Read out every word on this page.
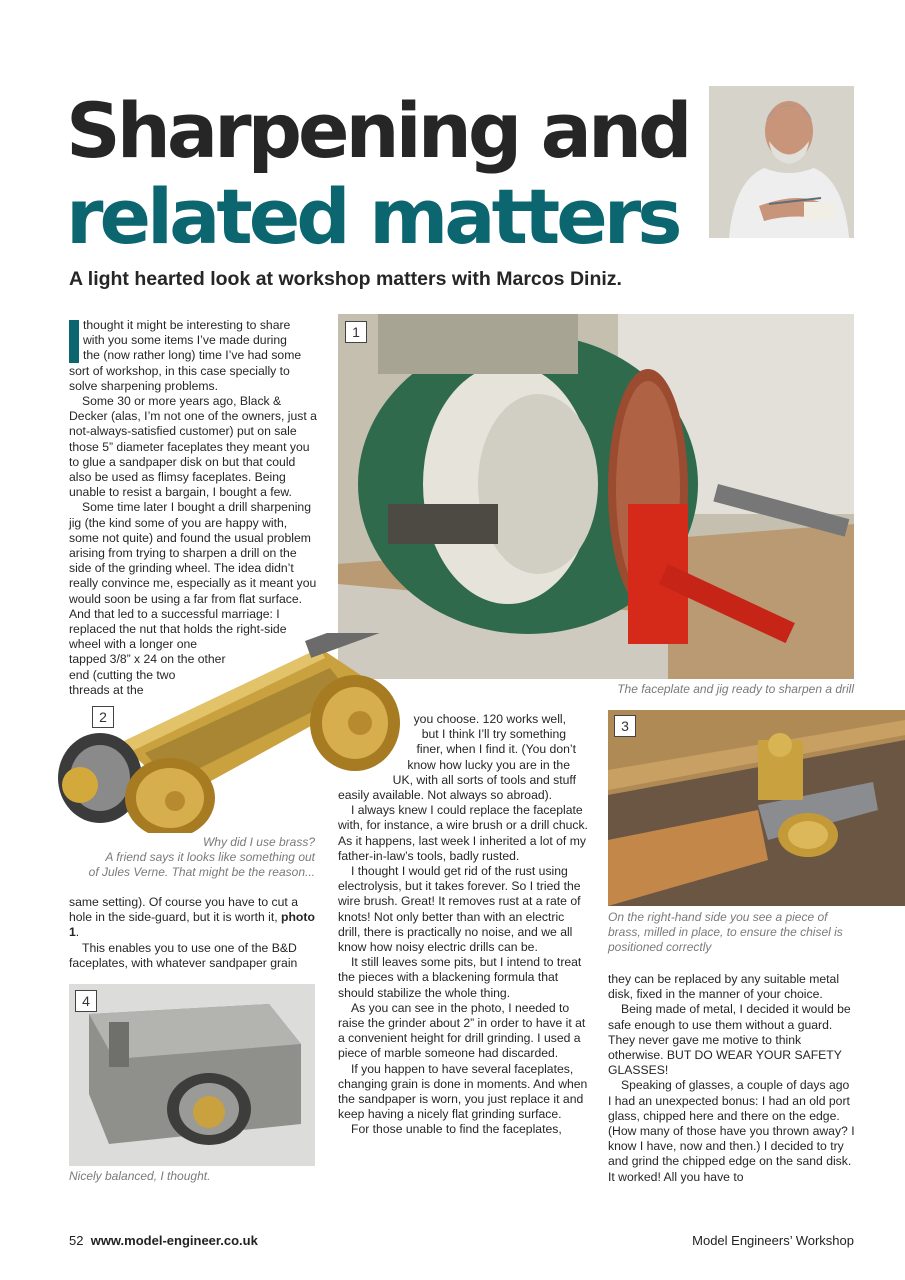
Sharpening and
related matters
A light hearted look at workshop matters with Marcos Diniz.
1
The faceplate and jig ready to sharpen a drill
thought it might be interesting to share
with you some items I’ve made during
the (now rather long) time I’ve had some
sort of workshop, in this case specially to
solve sharpening problems.

Some 30 or more years ago, Black & Decker (alas, I’m not one of the owners, just a not-always-satisfied customer) put on sale those 5” diameter faceplates they meant you to glue a sandpaper disk on but that could also be used as flimsy faceplates. Being unable to resist a bargain, I bought a few.

Some time later I bought a drill sharpening jig (the kind some of you are happy with, some not quite) and found the usual problem arising from trying to sharpen a drill on the side of the grinding wheel. The idea didn’t really convince me, especially as it meant you would soon be using a far from flat surface. And that led to a successful marriage: I replaced the nut that holds the right-side wheel with a longer one

tapped 3/8” x 24 on the other
end (cutting the two
threads at the
2
Why did I use brass?
A friend says it looks like something out
of Jules Verne. That might be the reason...

same setting). Of course you have to cut a hole in the side-guard, but it is worth it, photo 1.

This enables you to use one of the B&D faceplates, with whatever sandpaper grain

4
Nicely balanced, I thought.
you choose. 120 works well,
but I think I’ll try something
finer, when I find it. (You don’t
know how lucky you are in the
UK, with all sorts of tools and stuff

easily available. Not always so abroad).

I always knew I could replace the faceplate with, for instance, a wire brush or a drill chuck. As it happens, last week I inherited a lot of my father-in-law’s tools, badly rusted.

I thought I would get rid of the rust using electrolysis, but it takes forever. So I tried the wire brush. Great! It removes rust at a rate of knots! Not only better than with an electric drill, there is practically no noise, and we all know how noisy electric drills can be.

It still leaves some pits, but I intend to treat the pieces with a blackening formula that should stabilize the whole thing.

As you can see in the photo, I needed to raise the grinder about 2” in order to have it at a convenient height for drill grinding. I used a piece of marble someone had discarded.

If you happen to have several faceplates, changing grain is done in moments. And when the sandpaper is worn, you just replace it and keep having a nicely flat grinding surface.

For those unable to find the faceplates,

3
On the right-hand side you see a piece of brass, milled in place, to ensure the chisel is positioned correctly

they can be replaced by any suitable metal disk, fixed in the manner of your choice.

Being made of metal, I decided it would be safe enough to use them without a guard. They never gave me motive to think otherwise. BUT DO WEAR YOUR SAFETY GLASSES!

Speaking of glasses, a couple of days ago I had an unexpected bonus: I had an old port glass, chipped here and there on the edge. (How many of those have you thrown away? I know I have, now and then.) I decided to try and grind the chipped edge on the sand disk. It worked! All you have to

52 www.model-engineer.co.uk	Model Engineers’ Workshop
